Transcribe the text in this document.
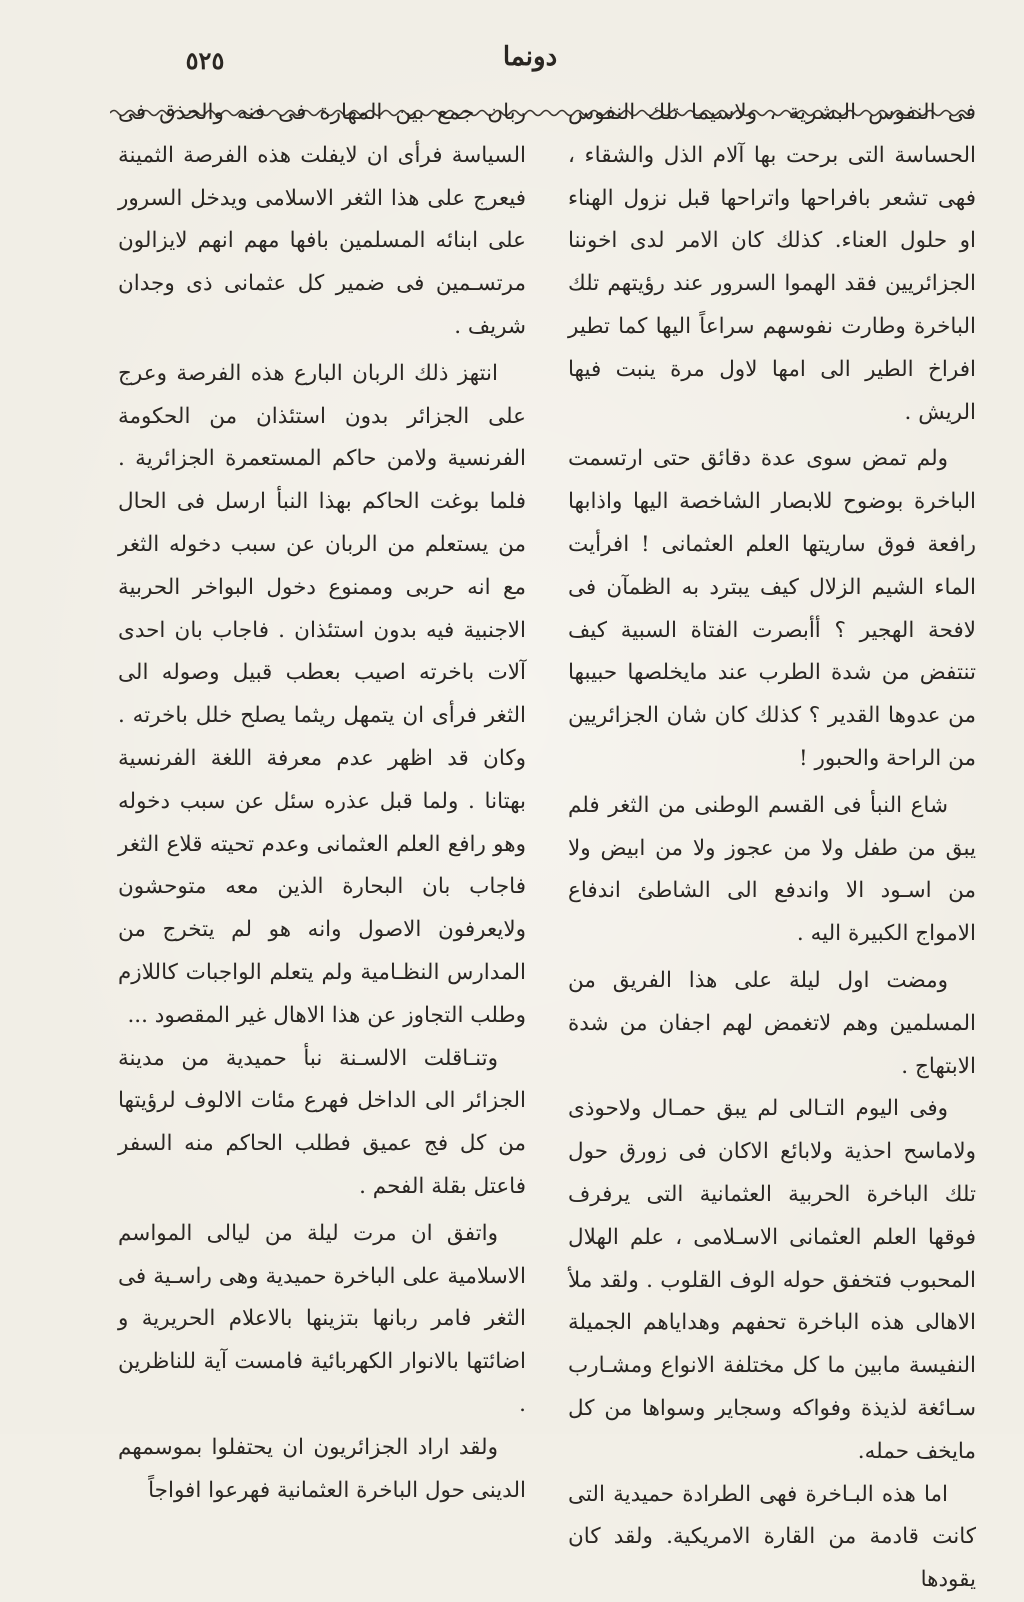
٥٢٥	دونما

فى النفوس البشرية ، ولاسيما تلك النفوس الحساسة التى برحت بها آلام الذل والشقاء ، فهى تشعر بافراحها واتراحها قبل نزول الهناء او حلول العناء. كذلك كان الامر لدى اخوننا الجزائريين فقد الهموا السرور عند رؤيتهم تلك الباخرة وطارت نفوسهم سراعاً اليها كما تطير افراخ الطير الى امها لاول مرة ينبت فيها الريش .

ولم تمض سوى عدة دقائق حتى ارتسمت الباخرة بوضوح للابصار الشاخصة اليها واذابها رافعة فوق ساريتها العلم العثمانى ! افرأيت الماء الشيم الزلال كيف يبترد به الظمآن فى لافحة الهجير ؟ أأبصرت الفتاة السبية كيف تنتفض من شدة الطرب عند مايخلصها حبيبها من عدوها القدير ؟ كذلك كان شان الجزائريين من الراحة والحبور !

شاع النبأ فى القسم الوطنى من الثغر فلم يبق من طفل ولا من عجوز ولا من ابيض ولا من اسـود الا واندفع الى الشاطئ اندفاع الامواج الكبيرة اليه .

ومضت اول ليلة على هذا الفريق من المسلمين وهم لاتغمض لهم اجفان من شدة الابتهاج .

وفى اليوم التـالى لم يبق حمـال ولاحوذى ولاماسح احذية ولابائع الاكان فى زورق حول تلك الباخرة الحربية العثمانية التى يرفرف فوقها العلم العثمانى الاسـلامى ، علم الهلال المحبوب فتخفق حوله الوف القلوب . ولقد ملأ الاهالى هذه الباخرة تحفهم وهداياهم الجميلة النفيسة مابين ما كل مختلفة الانواع ومشـارب سـائغة لذيذة وفواكه وسجاير وسواها من كل مايخف حمله.

اما هذه البـاخرة فهى الطرادة حميدية التى كانت قادمة من القارة الامريكية. ولقد كان يقودها

ربان جمع بين المهارة فى فنه والحذق فى السياسة فرأى ان لايفلت هذه الفرصة الثمينة فيعرج على هذا الثغر الاسلامى ويدخل السرور على ابنائه المسلمين بافها مهم انهم لايزالون مرتسـمين فى ضمير كل عثمانى ذى وجدان شريف .

انتهز ذلك الربان البارع هذه الفرصة وعرج على الجزائر بدون استئذان من الحكومة الفرنسية ولامن حاكم المستعمرة الجزائرية . فلما بوغت الحاكم بهذا النبأ ارسل فى الحال من يستعلم من الربان عن سبب دخوله الثغر مع انه حربى وممنوع دخول البواخر الحربية الاجنبية فيه بدون استئذان . فاجاب بان احدى آلات باخرته اصيب بعطب قبيل وصوله الى الثغر فرأى ان يتمهل ريثما يصلح خلل باخرته . وكان قد اظهر عدم معرفة اللغة الفرنسية بهتانا . ولما قبل عذره سئل عن سبب دخوله وهو رافع العلم العثمانى وعدم تحيته قلاع الثغر فاجاب بان البحارة الذين معه متوحشون ولايعرفون الاصول وانه هو لم يتخرج من المدارس النظـامية ولم يتعلم الواجبات كاللازم وطلب التجاوز عن هذا الاهال غير المقصود ...

وتنـاقلت الالسـنة نبأ حميدية من مدينة الجزائر الى الداخل فهرع مئات الالوف لرؤيتها من كل فج عميق فطلب الحاكم منه السفر فاعتل بقلة الفحم .

واتفق ان مرت ليلة من ليالى المواسم الاسلامية على الباخرة حميدية وهى راسـية فى الثغر فامر ربانها بتزينها بالاعلام الحريرية و اضائتها بالانوار الكهربائية فامست آية للناظرين .

ولقد اراد الجزائريون ان يحتفلوا بموسمهم الدينى حول الباخرة العثمانية فهرعوا افواجاً
